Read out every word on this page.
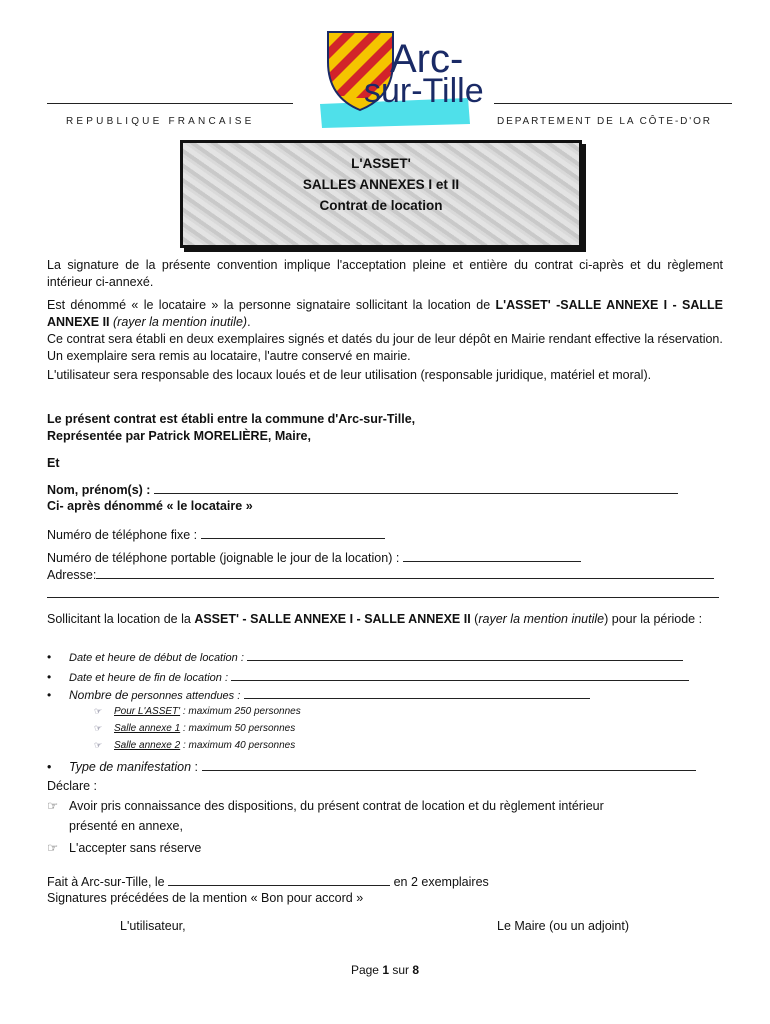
REPUBLIQUE FRANCAISE	DEPARTEMENT DE LA CÔTE-D'OR
Arc-
sur-Tille
L'ASSET'
SALLES ANNEXES I et II
Contrat de location
La signature de la présente convention implique l'acceptation pleine et entière du contrat ci-après et du règlement intérieur ci-annexé.
Est dénommé « le locataire » la personne signataire sollicitant la location de L'ASSET' -SALLE ANNEXE I - SALLE ANNEXE II (rayer la mention inutile).
Ce contrat sera établi en deux exemplaires signés et datés du jour de leur dépôt en Mairie rendant effective la réservation. Un exemplaire sera remis au locataire, l'autre conservé en mairie.
L'utilisateur sera responsable des locaux loués et de leur utilisation (responsable juridique, matériel et moral).
Le présent contrat est établi entre la commune d'Arc-sur-Tille,
Représentée par Patrick MORELIÈRE, Maire,
Et
Nom, prénom(s) :
Ci- après dénommé « le locataire »
Numéro de téléphone fixe :
Numéro de téléphone portable (joignable le jour de la location) :
Adresse:
Sollicitant la location de la ASSET' - SALLE ANNEXE I - SALLE ANNEXE II (rayer la mention inutile) pour la période :
• Date et heure de début de location :
• Date et heure de fin de location :
• Nombre de personnes attendues :
☞ Pour L'ASSET' : maximum 250 personnes
☞ Salle annexe 1 : maximum 50 personnes
☞ Salle annexe 2 : maximum 40 personnes
• Type de manifestation :
Déclare :
☞ Avoir pris connaissance des dispositions, du présent contrat de location et du règlement intérieur
présenté en annexe,
☞ L'accepter sans réserve
Fait à Arc-sur-Tille, le	en 2 exemplaires
Signatures précédées de la mention « Bon pour accord »
L'utilisateur,	Le Maire (ou un adjoint)
Page 1 sur 8
